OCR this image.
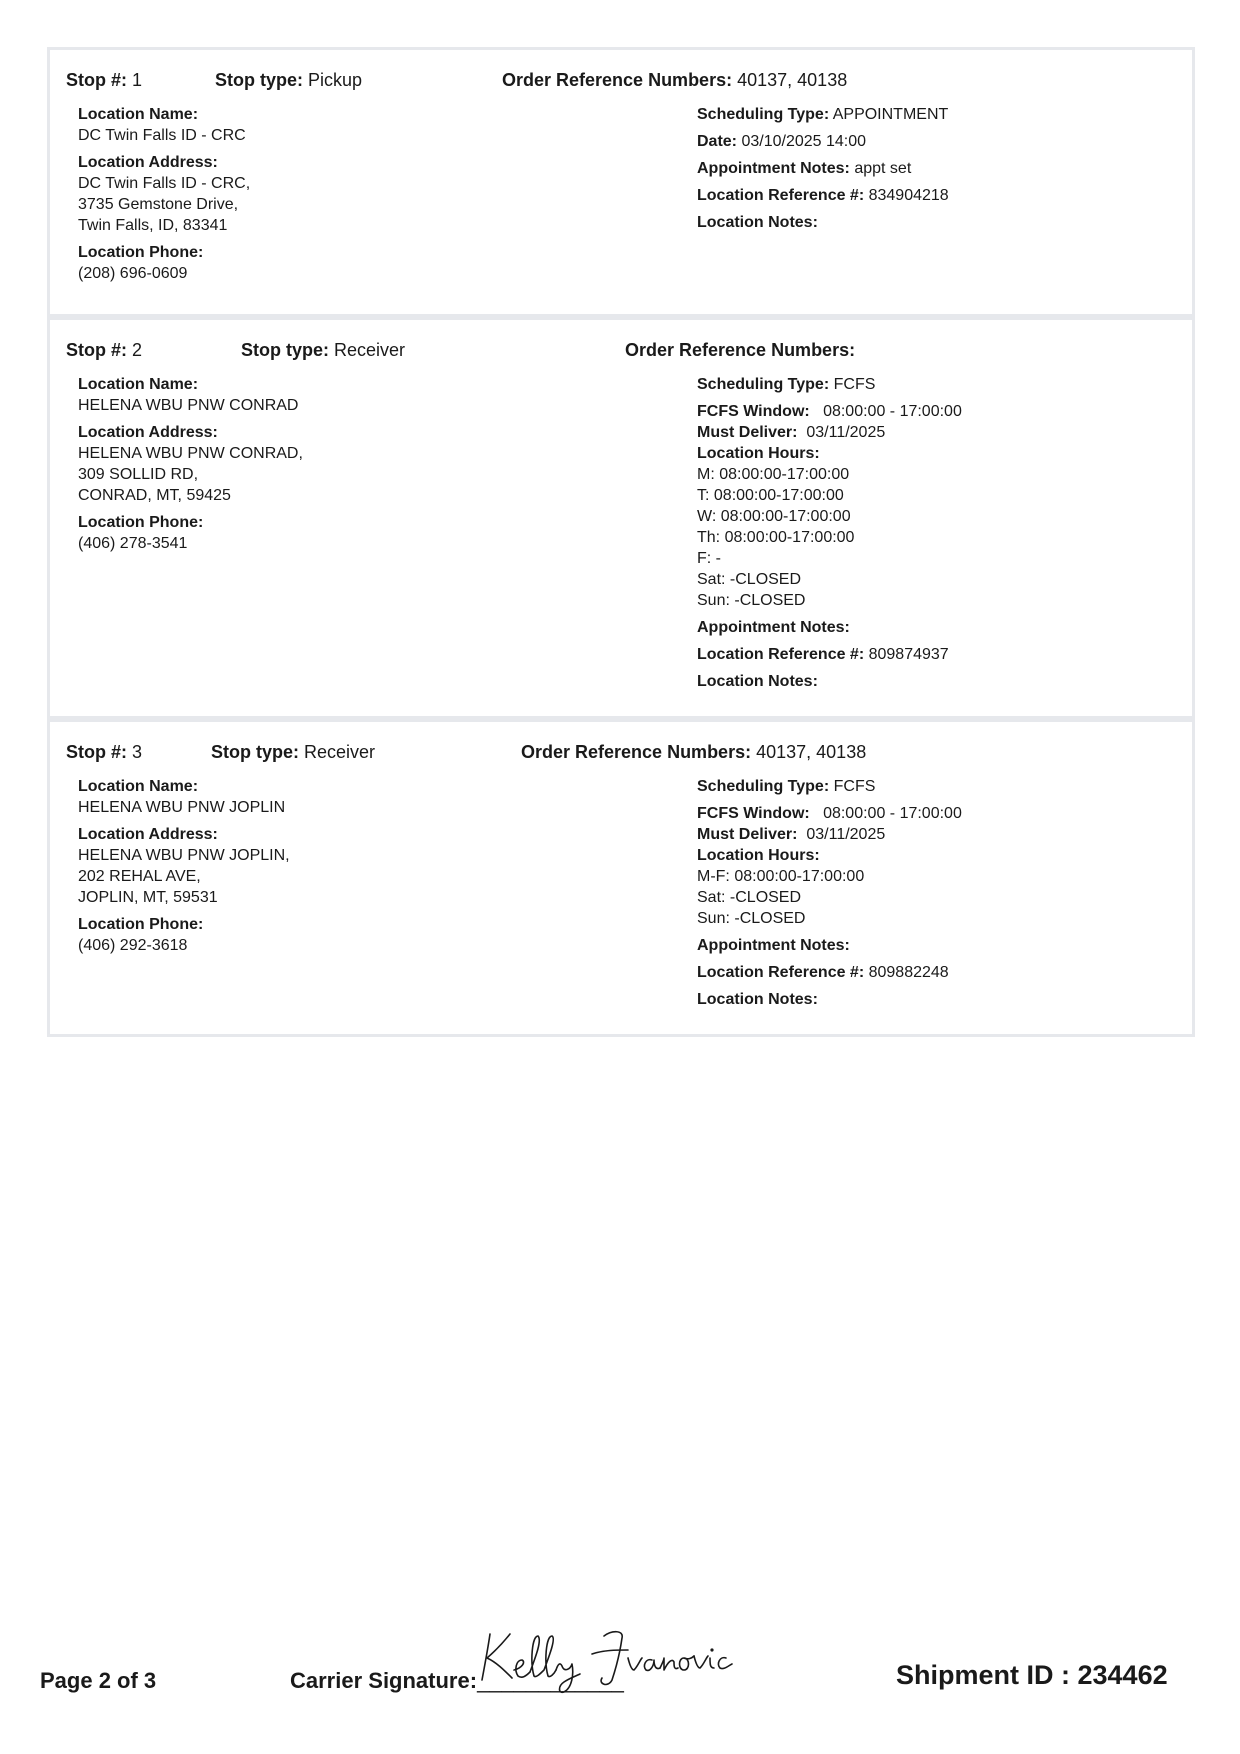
Stop #: 1	Stop type: Pickup	Order Reference Numbers: 40137, 40138
Location Name:
DC Twin Falls ID - CRC
Location Address:
DC Twin Falls ID - CRC,
3735 Gemstone Drive,
Twin Falls, ID, 83341
Location Phone:
(208) 696-0609
Scheduling Type: APPOINTMENT
Date: 03/10/2025 14:00
Appointment Notes: appt set
Location Reference #: 834904218
Location Notes:
Stop #: 2	Stop type: Receiver	Order Reference Numbers:
Location Name:
HELENA WBU PNW CONRAD
Location Address:
HELENA WBU PNW CONRAD,
309 SOLLID RD,
CONRAD, MT, 59425
Location Phone:
(406) 278-3541
Scheduling Type: FCFS
FCFS Window: 08:00:00 - 17:00:00
Must Deliver: 03/11/2025
Location Hours:
M: 08:00:00-17:00:00
T: 08:00:00-17:00:00
W: 08:00:00-17:00:00
Th: 08:00:00-17:00:00
F: -
Sat: -CLOSED
Sun: -CLOSED
Appointment Notes:
Location Reference #: 809874937
Location Notes:
Stop #: 3	Stop type: Receiver	Order Reference Numbers: 40137, 40138
Location Name:
HELENA WBU PNW JOPLIN
Location Address:
HELENA WBU PNW JOPLIN,
202 REHAL AVE,
JOPLIN, MT, 59531
Location Phone:
(406) 292-3618
Scheduling Type: FCFS
FCFS Window: 08:00:00 - 17:00:00
Must Deliver: 03/11/2025
Location Hours:
M-F: 08:00:00-17:00:00
Sat: -CLOSED
Sun: -CLOSED
Appointment Notes:
Location Reference #: 809882248
Location Notes:
Page 2 of 3	Carrier Signature:____________	Shipment ID : 234462
